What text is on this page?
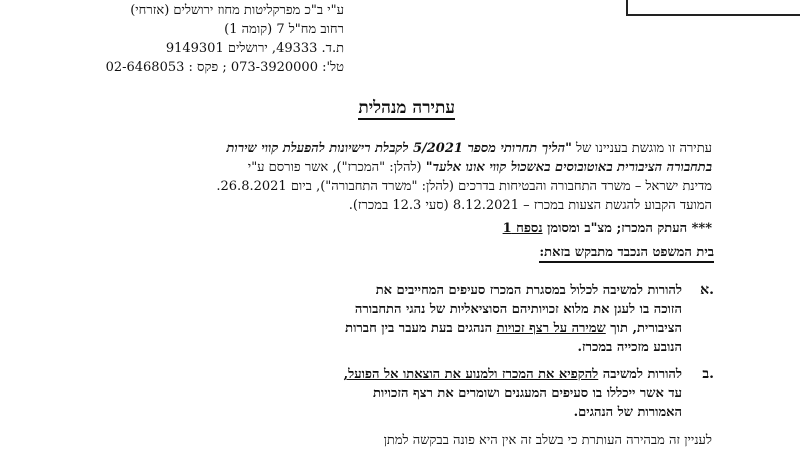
ע"י ב"כ מפרקליטות מחוז ירושלים (אזרחי)
רחוב מח"ל 7 (קומה 1)
ת.ד. 49333, ירושלים 9149301
טל': 073-3920000 ; פקס : 02-6468053
עתירה מנהלית
עתירה זו מוגשת בעניינו של "הליך תחרותי מספר 5/2021 לקבלת רישיונות להפעלת קווי שירות
בתחבורה הציבורית באוטובוסים באשכול קווי אונו אלעד" (להלן: "המכרז"), אשר פורסם ע"י
מדינת ישראל – משרד התחבורה והבטיחות בדרכים (להלן: "משרד התחבורה"), ביום 26.8.2021.
המועד הקבוע להגשת הצעות במכרז – 8.12.2021 (סעי 12.3 במכרז).
*** העתק המכרז; מצ"ב ומסומן נספח 1
בית המשפט הנכבד מתבקש בזאת:
א.
להורות למשיבה לכלול במסגרת המכרז סעיפים המחייבים את
הזוכה בו לעגן את מלוא זכויותיהם הסוציאליות של נהגי התחבורה
הציבורית, תוך שמירה על רצף זכויות הנהגים בעת מעבר בין חברות
הנובע מזכייה במכרז.
ב.
להורות למשיבה להקפיא את המכרז ולמנוע את הוצאתו אל הפועל,
עד אשר ייכללו בו סעיפים המעגנים ושומרים את רצף הזכויות
האמורות של הנהגים.
לעניין זה מבהירה העותרת כי בשלב זה אין היא פונה בבקשה למתן
